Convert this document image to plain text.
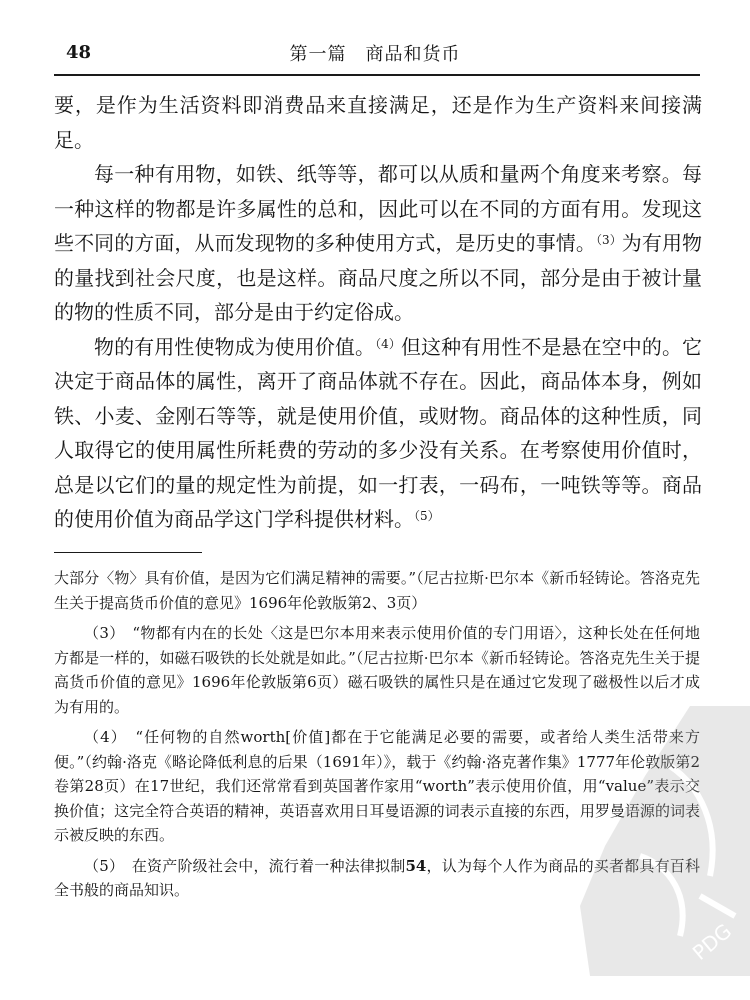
48	第一篇　商品和货币

要，是作为生活资料即消费品来直接满足，还是作为生产资料来间接满足。

每一种有用物，如铁、纸等等，都可以从质和量两个角度来考察。每一种这样的物都是许多属性的总和，因此可以在不同的方面有用。发现这些不同的方面，从而发现物的多种使用方式，是历史的事情。$^{(3)}$为有用物的量找到社会尺度，也是这样。商品尺度之所以不同，部分是由于被计量的物的性质不同，部分是由于约定俗成。

物的有用性使物成为使用价值。$^{(4)}$但这种有用性不是悬在空中的。它决定于商品体的属性，离开了商品体就不存在。因此，商品体本身，例如铁、小麦、金刚石等等，就是使用价值，或财物。商品体的这种性质，同人取得它的使用属性所耗费的劳动的多少没有关系。在考察使用价值时，总是以它们的量的规定性为前提，如一打表，一码布，一吨铁等等。商品的使用价值为商品学这门学科提供材料。$^{(5)}$

大部分〈物〉具有价值，是因为它们满足精神的需要。”（尼古拉斯·巴尔本《新币轻铸论。答洛克先生关于提高货币价值的意见》1696年伦敦版第2、3页）

（3）　“物都有内在的长处〈这是巴尔本用来表示使用价值的专门用语〉，这种长处在任何地方都是一样的，如磁石吸铁的长处就是如此。”（尼古拉斯·巴尔本《新币轻铸论。答洛克先生关于提高货币价值的意见》1696年伦敦版第6页）磁石吸铁的属性只是在通过它发现了磁极性以后才成为有用的。

（4）　“任何物的自然worth[价值]都在于它能满足必要的需要，或者给人类生活带来方便。”（约翰·洛克《略论降低利息的后果（1691年）》，载于《约翰·洛克著作集》1777年伦敦版第2卷第28页）在17世纪，我们还常常看到英国著作家用“worth”表示使用价值，用“value”表示交换价值；这完全符合英语的精神，英语喜欢用日耳曼语源的词表示直接的东西，用罗曼语源的词表示被反映的东西。

（5）　在资产阶级社会中，流行着一种法律拟制54，认为每个人作为商品的买者都具有百科全书般的商品知识。

PDG
